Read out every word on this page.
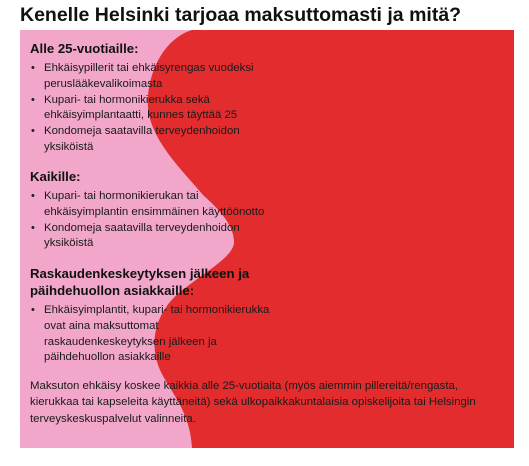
Kenelle Helsinki tarjoaa maksuttomasti ja mitä?
Alle 25-vuotiaille:
• Ehkäisypillerit tai ehkäisyrengas vuodeksi peruslääkevalikoimasta
• Kupari- tai hormonikierukka sekä ehkäisyimplantaatti, kunnes täyttää 25
• Kondomeja saatavilla terveydenhoidon yksiköistä
Kaikille:
• Kupari- tai hormonikierukan tai ehkäisyimplantin ensimmäinen käyttöönotto
• Kondomeja saatavilla terveydenhoidon yksiköistä
Raskaudenkeskeytyksen jälkeen ja päihdehuollon asiakkaille:
• Ehkäisyimplantit, kupari- tai hormonikierukka ovat aina maksuttomat raskaudenkeskeytyksen jälkeen ja päihdehuollon asiakkaille
Maksuton ehkäisy koskee kaikkia alle 25-vuotiaita (myös aiemmin pillereitä/rengasta, kierukkaa tai kapseleita käyttäneitä) sekä ulkopaikkakuntalaisia opiskelijoita tai Helsingin terveyskeskuspalvelut valinneita.
